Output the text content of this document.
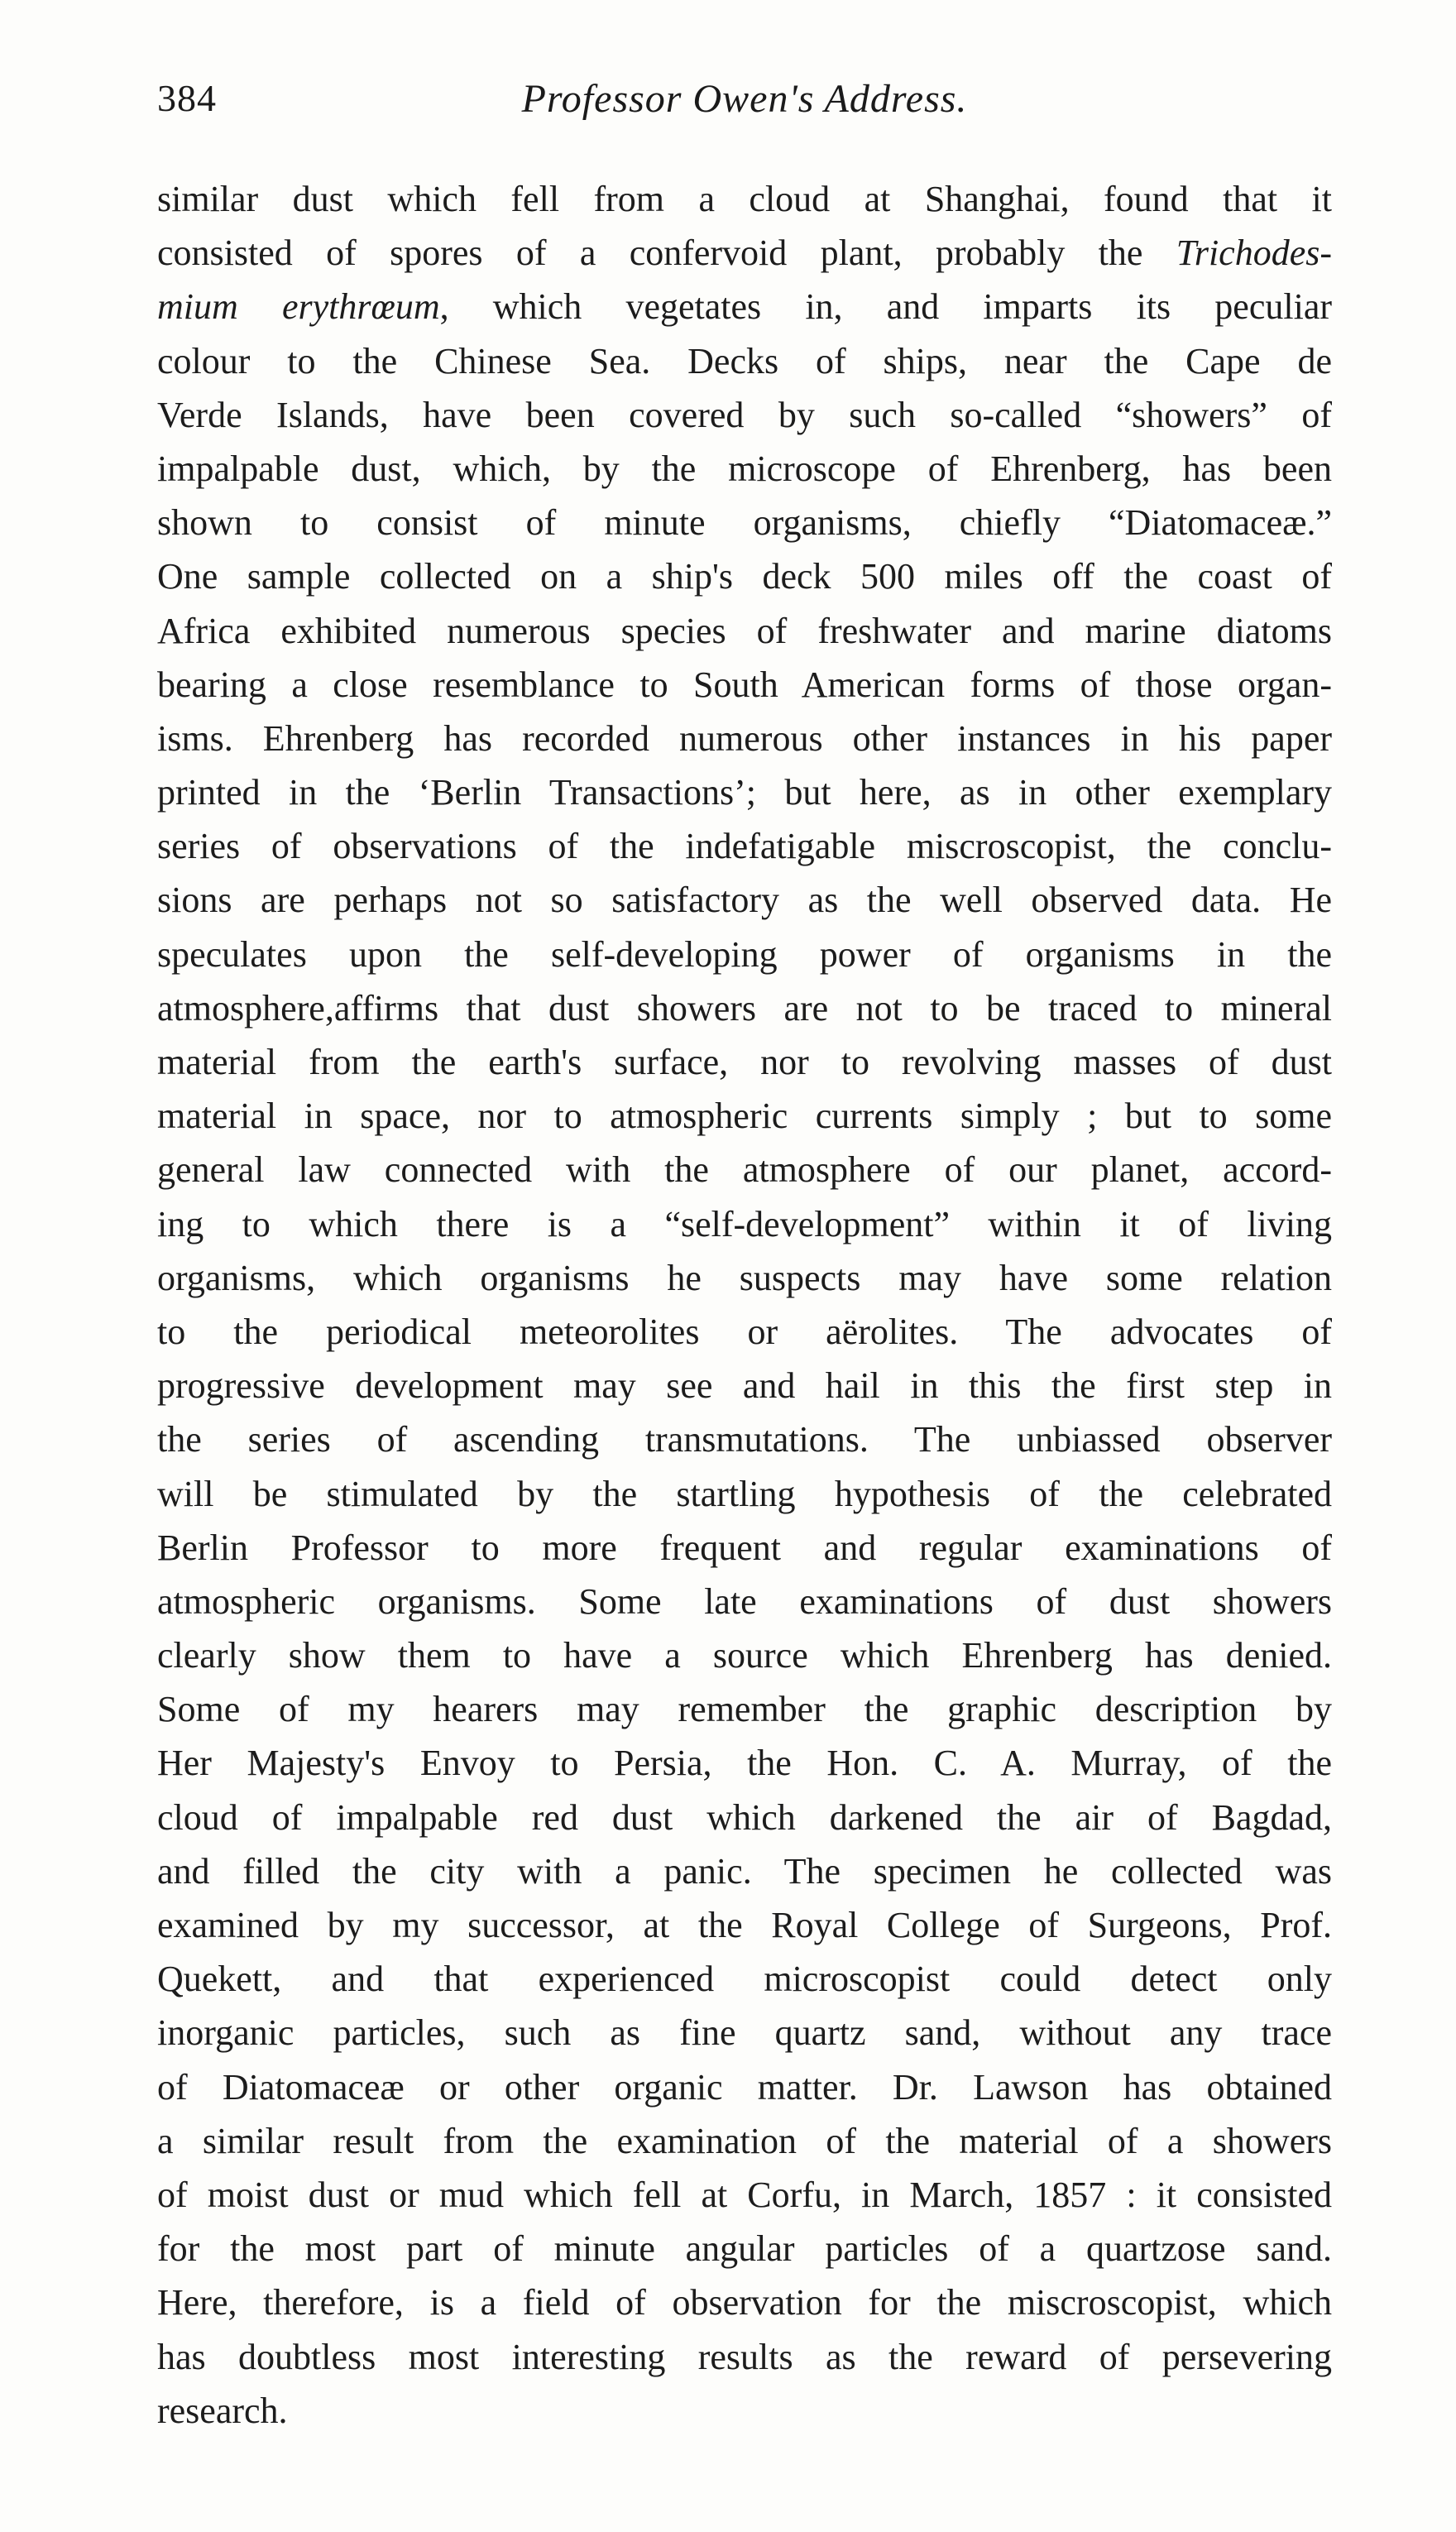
384	Professor Owen's Address.
similar dust which fell from a cloud at Shanghai, found that it
consisted of spores of a confervoid plant, probably the Trichodes-
mium erythrœum, which vegetates in, and imparts its peculiar
colour to the Chinese Sea. Decks of ships, near the Cape de
Verde Islands, have been covered by such so-called “showers” of
impalpable dust, which, by the microscope of Ehrenberg, has been
shown to consist of minute organisms, chiefly “Diatomaceæ.”
One sample collected on a ship's deck 500 miles off the coast of
Africa exhibited numerous species of freshwater and marine diatoms
bearing a close resemblance to South American forms of those organ-
isms. Ehrenberg has recorded numerous other instances in his paper
printed in the ‘Berlin Transactions’; but here, as in other exemplary
series of observations of the indefatigable miscroscopist, the conclu-
sions are perhaps not so satisfactory as the well observed data. He
speculates upon the self-developing power of organisms in the
atmosphere,affirms that dust showers are not to be traced to mineral
material from the earth's surface, nor to revolving masses of dust
material in space, nor to atmospheric currents simply ; but to some
general law connected with the atmosphere of our planet, accord-
ing to which there is a “self-development” within it of living
organisms, which organisms he suspects may have some relation
to the periodical meteorolites or aërolites. The advocates of
progressive development may see and hail in this the first step in
the series of ascending transmutations. The unbiassed observer
will be stimulated by the startling hypothesis of the celebrated
Berlin Professor to more frequent and regular examinations of
atmospheric organisms. Some late examinations of dust showers
clearly show them to have a source which Ehrenberg has denied.
Some of my hearers may remember the graphic description by
Her Majesty's Envoy to Persia, the Hon. C. A. Murray, of the
cloud of impalpable red dust which darkened the air of Bagdad,
and filled the city with a panic. The specimen he collected was
examined by my successor, at the Royal College of Surgeons, Prof.
Quekett, and that experienced microscopist could detect only
inorganic particles, such as fine quartz sand, without any trace
of Diatomaceæ or other organic matter. Dr. Lawson has obtained
a similar result from the examination of the material of a showers
of moist dust or mud which fell at Corfu, in March, 1857 : it consisted
for the most part of minute angular particles of a quartzose sand.
Here, therefore, is a field of observation for the miscroscopist, which
has doubtless most interesting results as the reward of persevering
research.
